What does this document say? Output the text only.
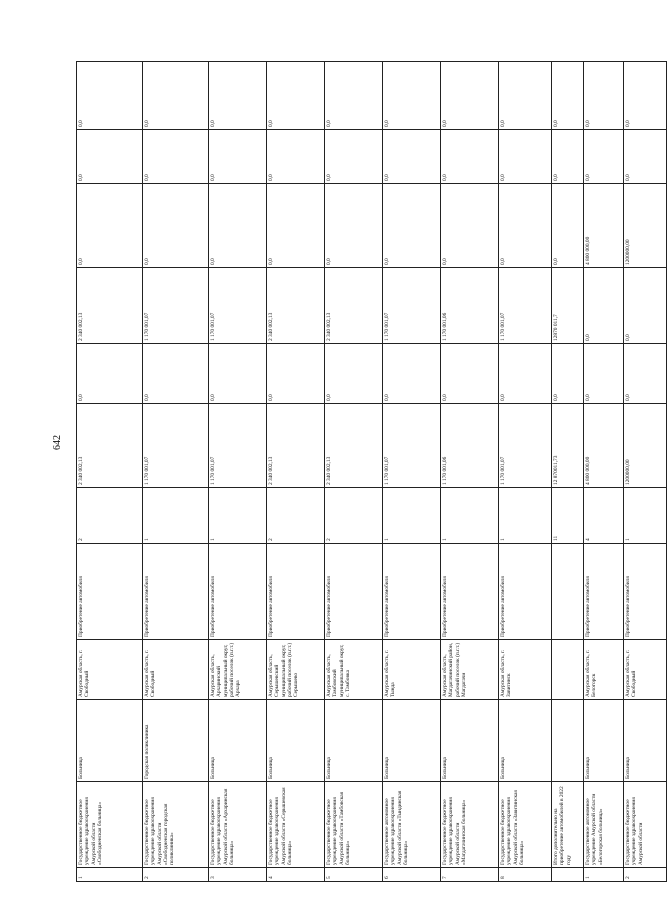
642
1	Государственное бюджетное учреждение здравоохранения Амурской области «Свободненская больница»	Больница	Амурская область, г. Свободный	Приобретение автомобиля	2	2 340 002,13	0,0	2 340 002,13	0,0	0,0	0,0
2	Государственное бюджетное учреждение здравоохранения Амурской области «Свободненская городская поликлиника»	Городская поликлиника	Амурская область, г. Свободный	Приобретение автомобиля	1	1 170 001,07	0,0	1 170 001,07	0,0	0,0	0,0
3	Государственное бюджетное учреждение здравоохранения Амурской области «Архаринская больница»	Больница	Амурская область, Архаринский муниципальный округ, рабочий поселок (п.г.т.) Архара	Приобретение автомобиля	1	1 170 001,07	0,0	1 170 001,07	0,0	0,0	0,0
4	Государственное бюджетное учреждение здравоохранения Амурской области «Серышевская больница»	Больница	Амурская область, Серышевский муниципальный округ, рабочий поселок (п.г.т.) Серышево	Приобретение автомобиля	2	2 340 002,13	0,0	2 340 002,13	0,0	0,0	0,0
5	Государственное бюджетное учреждение здравоохранения Амурской области «Тамбовская больница»	Больница	Амурская область, Тамбовский муниципальный округ, с. Тамбовка	Приобретение автомобиля	2	2 340 002,13	0,0	2 340 002,13	0,0	0,0	0,0
6	Государственное автономное учреждение здравоохранения Амурской области «Тындинская больница»	Больница	Амурская область, г. Тында	Приобретение автомобиля	1	1 170 001,07	0,0	1 170 001,07	0,0	0,0	0,0
7	Государственное бюджетное учреждение здравоохранения Амурской области «Магдагачинская больница»	Больница	Амурская область, Магдагачинский район, рабочий поселок (п.г.т.) Магдагачи	Приобретение автомобиля	1	1 170 001,06	0,0	1 170 001,06	0,0	0,0	0,0
8	Государственное бюджетное учреждение здравоохранения Амурской области «Завитинская больница»	Больница	Амурская область, г. Завитинск	Приобретение автомобиля	1	1 170 001,07	0,0	1 170 001,07	0,0	0,0	0,0
	Итого дополнительно на приобретение автомобилей в 2022 году				11	12 870011,73	0,0	12870 011,7	0,0	0,0	0,0
1	Государственное автономное учреждение Амурской области «Белогорская больница»	Больница	Амурская область, г. Белогорск	Приобретение автомобиля	4	4 800 000,00	0,0	0,0	4 800 000,00	0,0	0,0
2	Государственное бюджетное учреждение здравоохранения Амурской области	Больница	Амурская область, г. Свободный	Приобретение автомобиля	1	1200000,00	0,0	0,0	1200000,00	0,0	0,0
